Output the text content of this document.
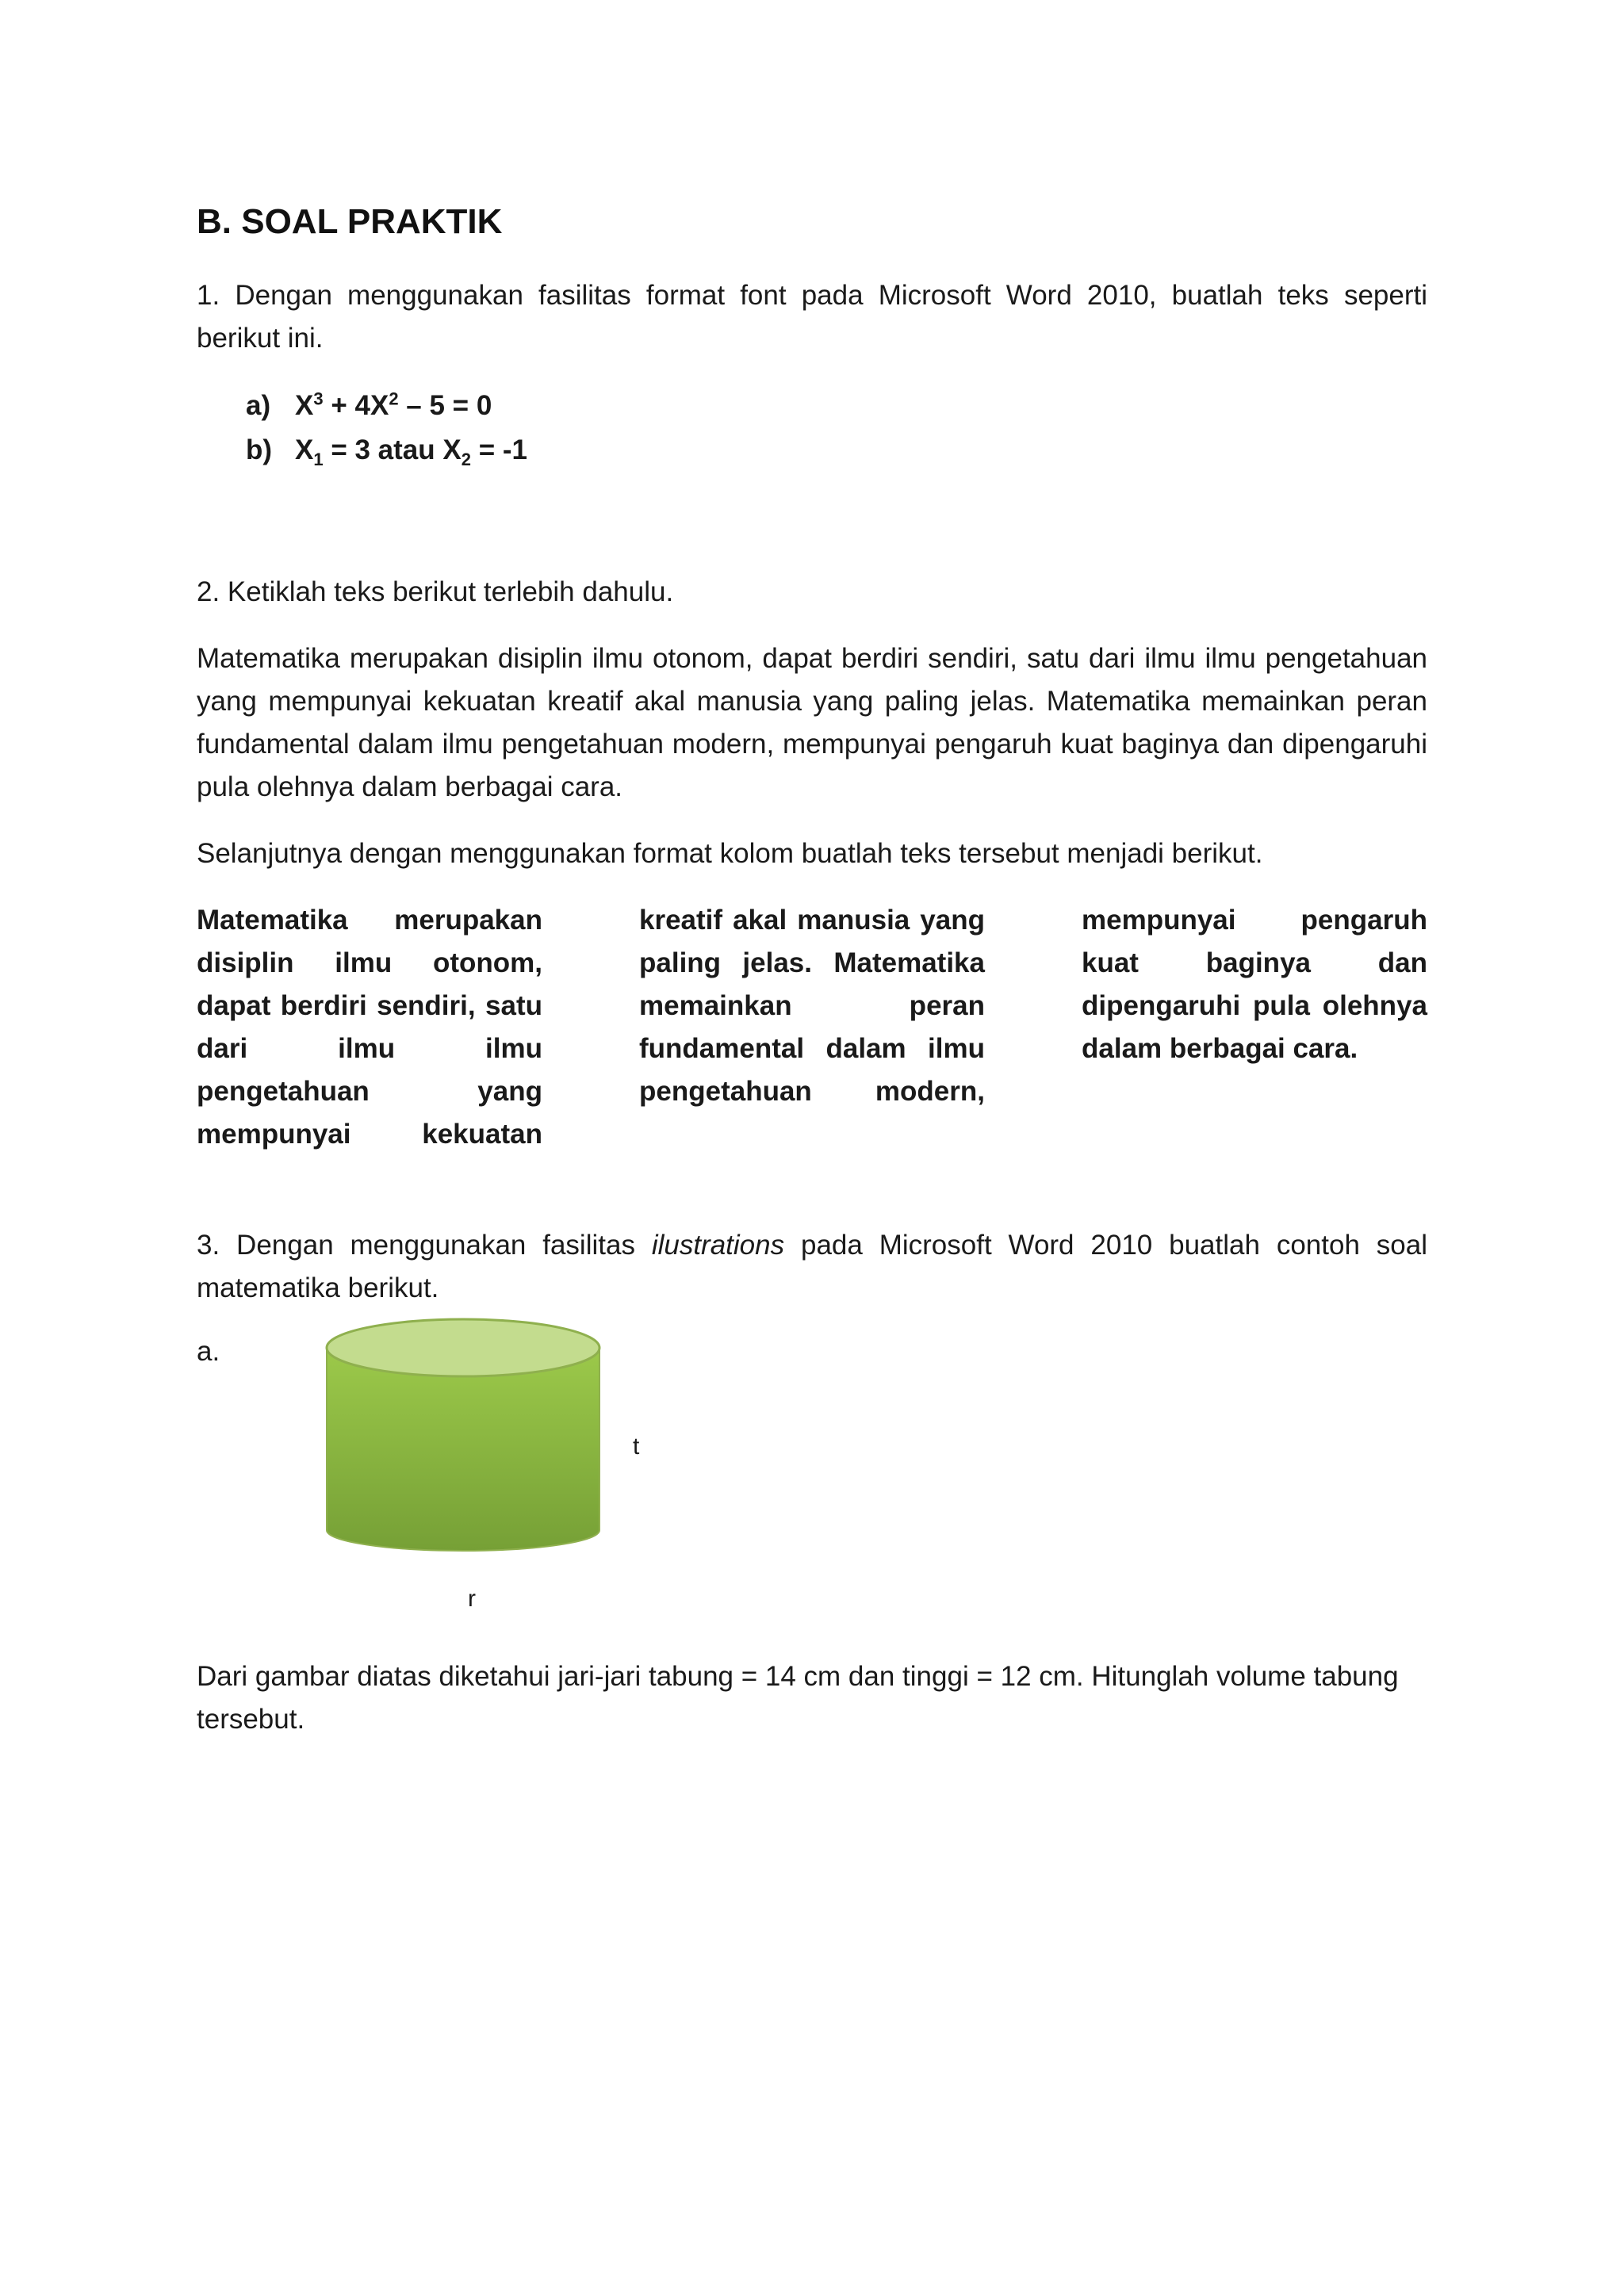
B. SOAL PRAKTIK

1. Dengan menggunakan fasilitas format font pada Microsoft Word 2010, buatlah teks seperti berikut ini.

a) $X^3 + 4X^2 - 5 = 0$
b) $X_1 = 3$ atau $X_2 = -1$

2. Ketiklah teks berikut terlebih dahulu.

Matematika merupakan disiplin ilmu otonom, dapat berdiri sendiri, satu dari ilmu ilmu pengetahuan yang mempunyai kekuatan kreatif akal manusia yang paling jelas. Matematika memainkan peran fundamental dalam ilmu pengetahuan modern, mempunyai pengaruh kuat baginya dan dipengaruhi pula olehnya dalam berbagai cara.

Selanjutnya dengan menggunakan format kolom buatlah teks tersebut menjadi berikut.

Matematika merupakan disiplin ilmu otonom, dapat berdiri sendiri, satu dari ilmu ilmu pengetahuan yang mempunyai kekuatan
kreatif akal manusia yang paling jelas. Matematika memainkan peran fundamental dalam ilmu pengetahuan modern,
mempunyai pengaruh kuat baginya dan dipengaruhi pula olehnya dalam berbagai cara.

3. Dengan menggunakan fasilitas ilustrations pada Microsoft Word 2010 buatlah contoh soal matematika berikut.

a.
t
r

Dari gambar diatas diketahui jari-jari tabung = 14 cm dan tinggi = 12 cm. Hitunglah volume tabung tersebut.
